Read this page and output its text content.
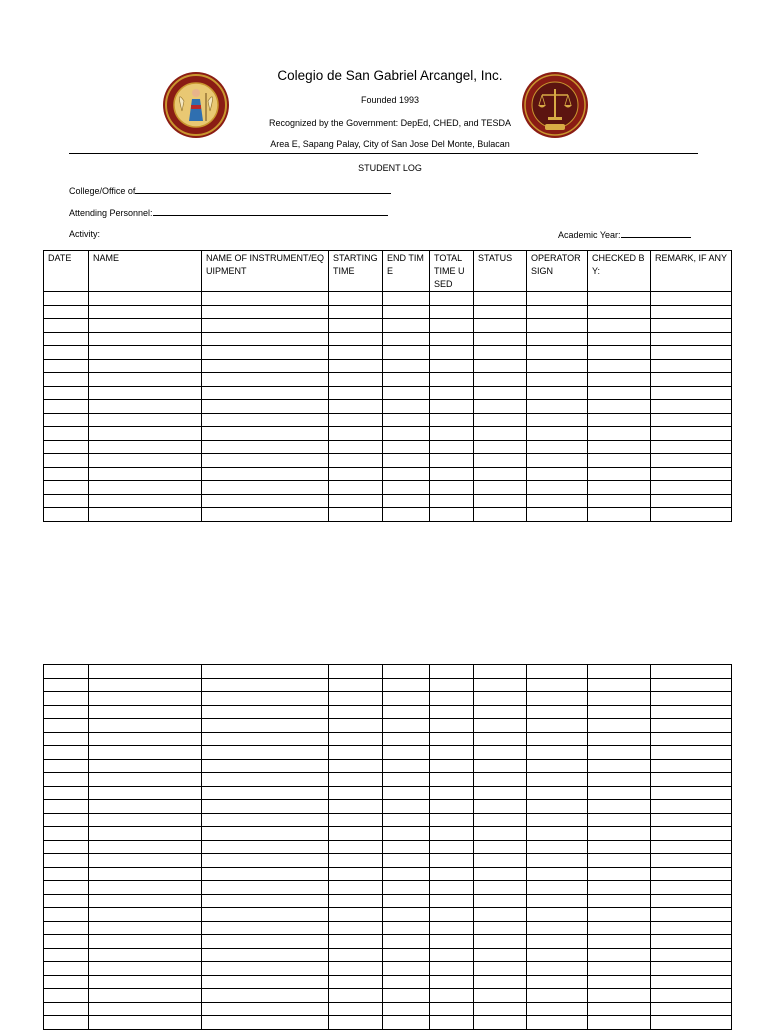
Colegio de San Gabriel Arcangel, Inc.
Founded 1993
Recognized by the Government: DepEd, CHED, and TESDA
Area E, Sapang Palay, City of San Jose Del Monte, Bulacan
STUDENT LOG
College/Office of
Attending Personnel:
Activity:	Academic Year:
DATE	NAME	NAME OF INSTRUMENT/EQUIPMENT	STARTING TIME	END TIME	TOTAL TIME USED	STATUS	OPERATOR SIGN	CHECKED BY:	REMARK, IF ANY
